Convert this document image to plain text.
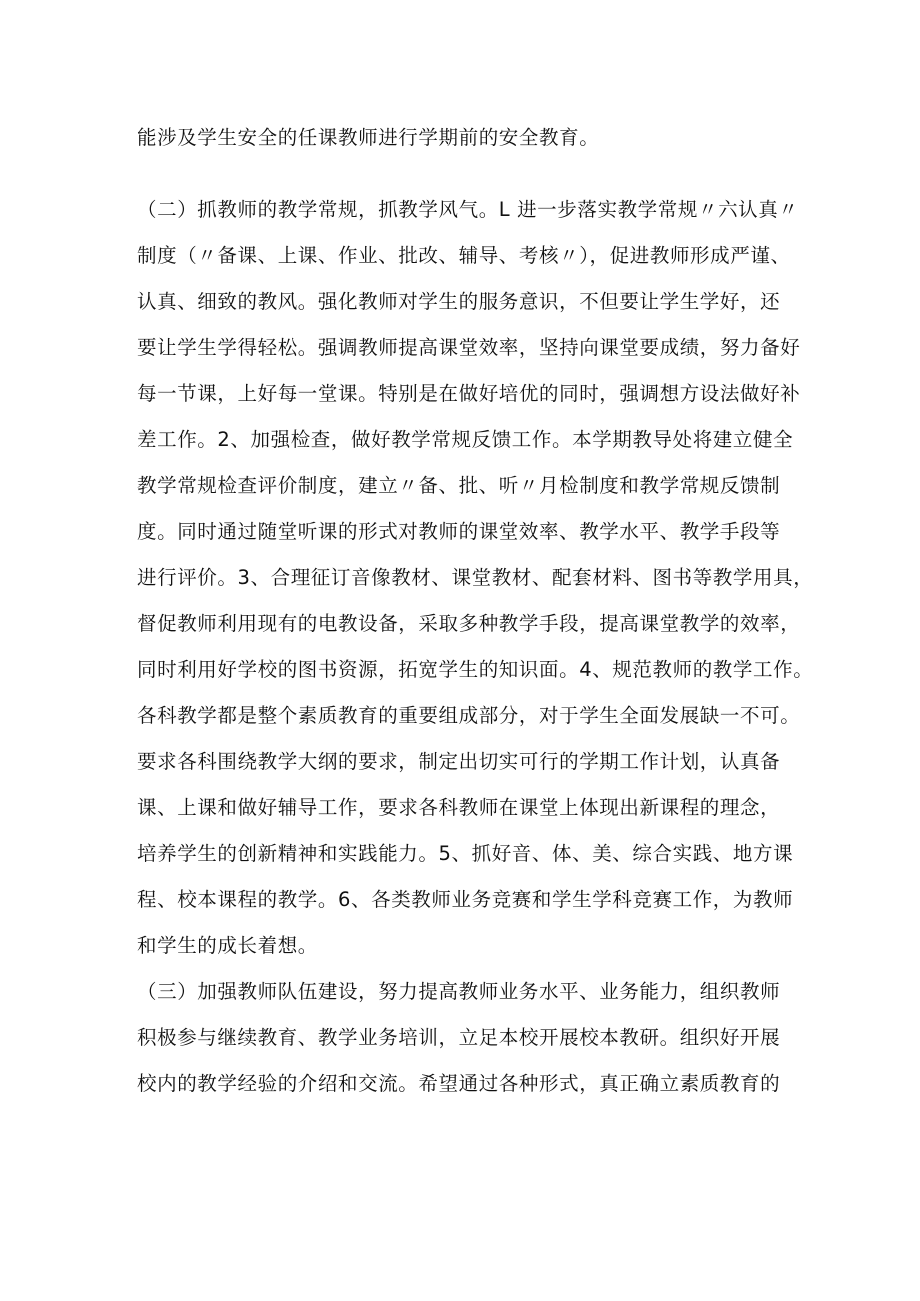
能涉及学生安全的任课教师进行学期前的安全教育。
（二）抓教师的教学常规，抓教学风气。L 进一步落实教学常规〃六认真〃
制度（〃备课、上课、作业、批改、辅导、考核〃），促进教师形成严谨、
认真、细致的教风。强化教师对学生的服务意识，不但要让学生学好，还
要让学生学得轻松。强调教师提高课堂效率，坚持向课堂要成绩，努力备好
每一节课，上好每一堂课。特别是在做好培优的同时，强调想方设法做好补
差工作。2、加强检查，做好教学常规反馈工作。本学期教导处将建立健全
教学常规检查评价制度，建立〃备、批、听〃月检制度和教学常规反馈制
度。同时通过随堂听课的形式对教师的课堂效率、教学水平、教学手段等
进行评价。3、合理征订音像教材、课堂教材、配套材料、图书等教学用具，
督促教师利用现有的电教设备，采取多种教学手段，提高课堂教学的效率，
同时利用好学校的图书资源，拓宽学生的知识面。4、规范教师的教学工作。
各科教学都是整个素质教育的重要组成部分，对于学生全面发展缺一不可。
要求各科围绕教学大纲的要求，制定出切实可行的学期工作计划，认真备
课、上课和做好辅导工作，要求各科教师在课堂上体现出新课程的理念，
培养学生的创新精神和实践能力。5、抓好音、体、美、综合实践、地方课
程、校本课程的教学。6、各类教师业务竞赛和学生学科竞赛工作，为教师
和学生的成长着想。
（三）加强教师队伍建设，努力提高教师业务水平、业务能力，组织教师
积极参与继续教育、教学业务培训，立足本校开展校本教研。组织好开展
校内的教学经验的介绍和交流。希望通过各种形式，真正确立素质教育的
